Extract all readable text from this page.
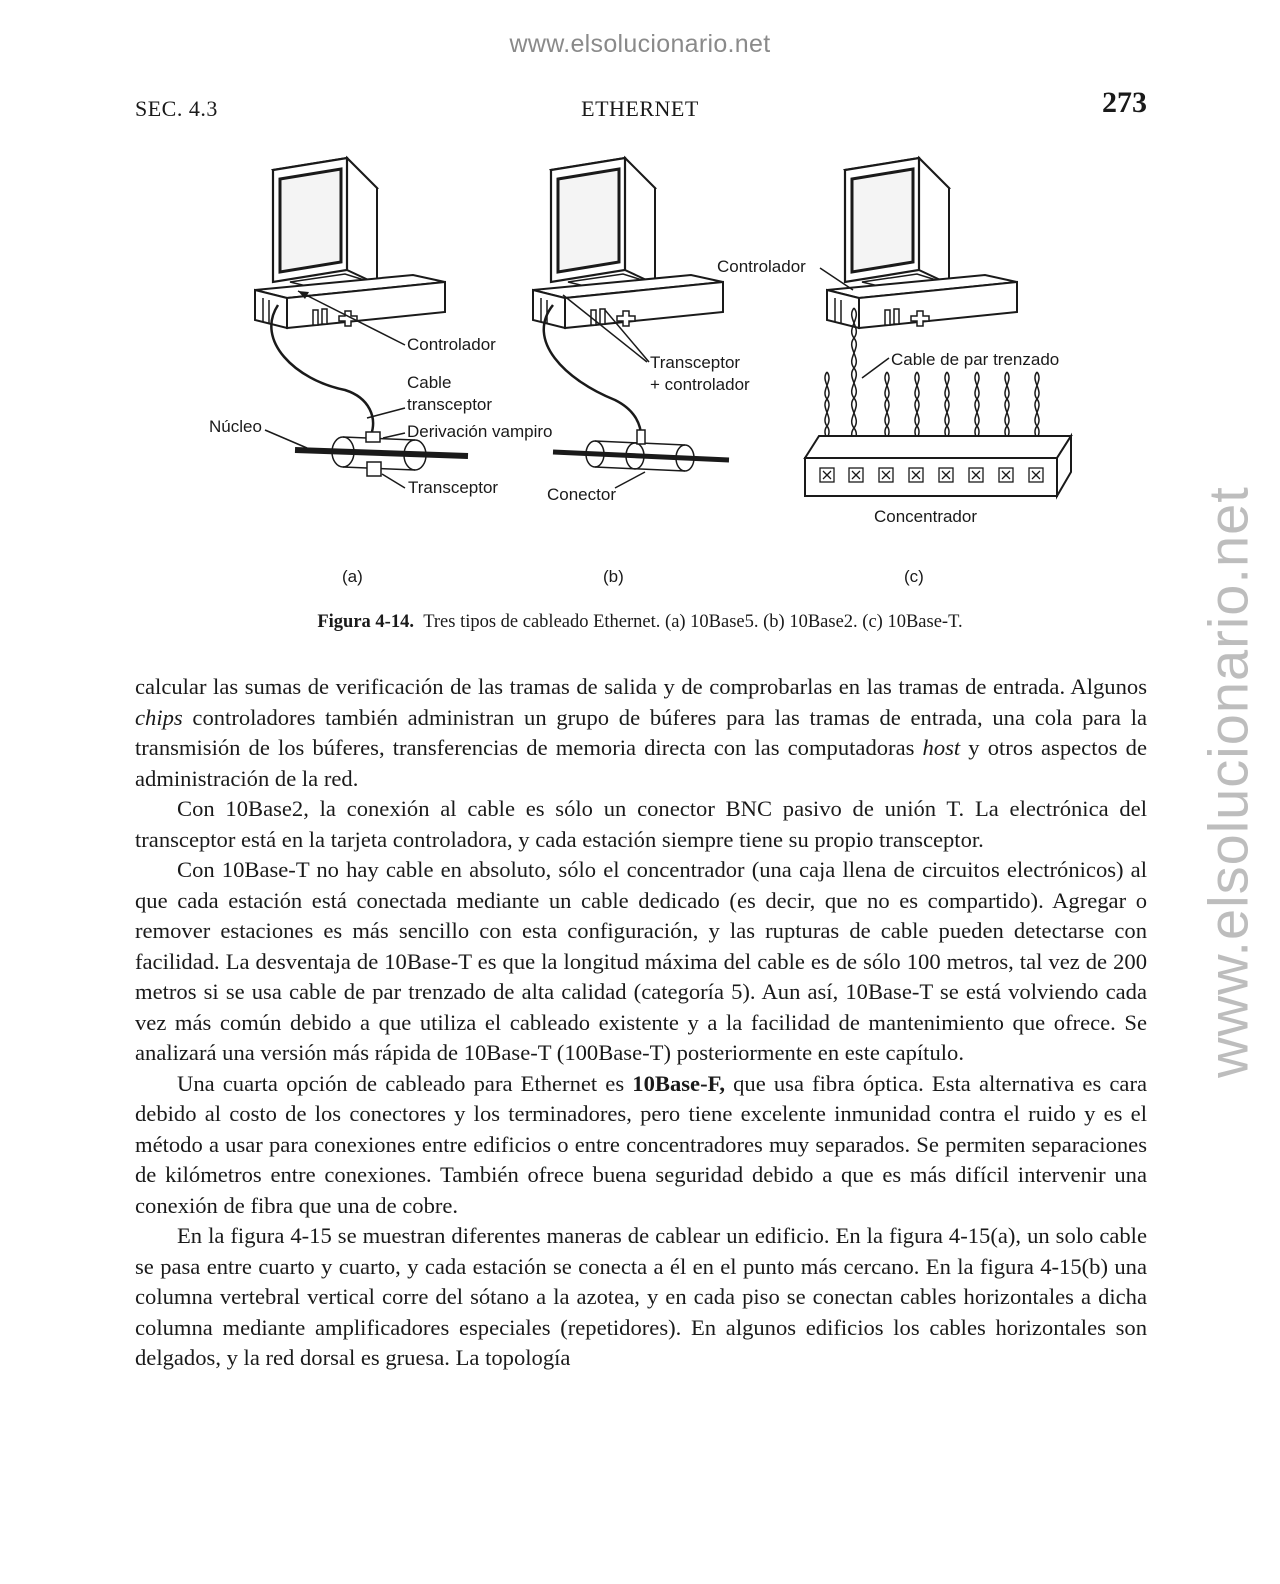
www.elsolucionario.net
www.elsolucionario.net
SEC. 4.3	ETHERNET	273
Controlador
Cable
transceptor
Núcleo	Derivación vampiro
Transceptor
Transceptor
+ controlador
Conector
Controlador
Cable de par trenzado
Concentrador
(a)	(b)	(c)
Figura 4-14. Tres tipos de cableado Ethernet. (a) 10Base5. (b) 10Base2. (c) 10Base-T.

calcular las sumas de verificación de las tramas de salida y de comprobarlas en las tramas de entrada. Algunos chips controladores también administran un grupo de búferes para las tramas de entrada, una cola para la transmisión de los búferes, transferencias de memoria directa con las computadoras host y otros aspectos de administración de la red.

Con 10Base2, la conexión al cable es sólo un conector BNC pasivo de unión T. La electrónica del transceptor está en la tarjeta controladora, y cada estación siempre tiene su propio transceptor.

Con 10Base-T no hay cable en absoluto, sólo el concentrador (una caja llena de circuitos electrónicos) al que cada estación está conectada mediante un cable dedicado (es decir, que no es compartido). Agregar o remover estaciones es más sencillo con esta configuración, y las rupturas de cable pueden detectarse con facilidad. La desventaja de 10Base-T es que la longitud máxima del cable es de sólo 100 metros, tal vez de 200 metros si se usa cable de par trenzado de alta calidad (categoría 5). Aun así, 10Base-T se está volviendo cada vez más común debido a que utiliza el cableado existente y a la facilidad de mantenimiento que ofrece. Se analizará una versión más rápida de 10Base-T (100Base-T) posteriormente en este capítulo.

Una cuarta opción de cableado para Ethernet es 10Base-F, que usa fibra óptica. Esta alternativa es cara debido al costo de los conectores y los terminadores, pero tiene excelente inmunidad contra el ruido y es el método a usar para conexiones entre edificios o entre concentradores muy separados. Se permiten separaciones de kilómetros entre conexiones. También ofrece buena seguridad debido a que es más difícil intervenir una conexión de fibra que una de cobre.

En la figura 4-15 se muestran diferentes maneras de cablear un edificio. En la figura 4-15(a), un solo cable se pasa entre cuarto y cuarto, y cada estación se conecta a él en el punto más cercano. En la figura 4-15(b) una columna vertebral vertical corre del sótano a la azotea, y en cada piso se conectan cables horizontales a dicha columna mediante amplificadores especiales (repetidores). En algunos edificios los cables horizontales son delgados, y la red dorsal es gruesa. La topología
